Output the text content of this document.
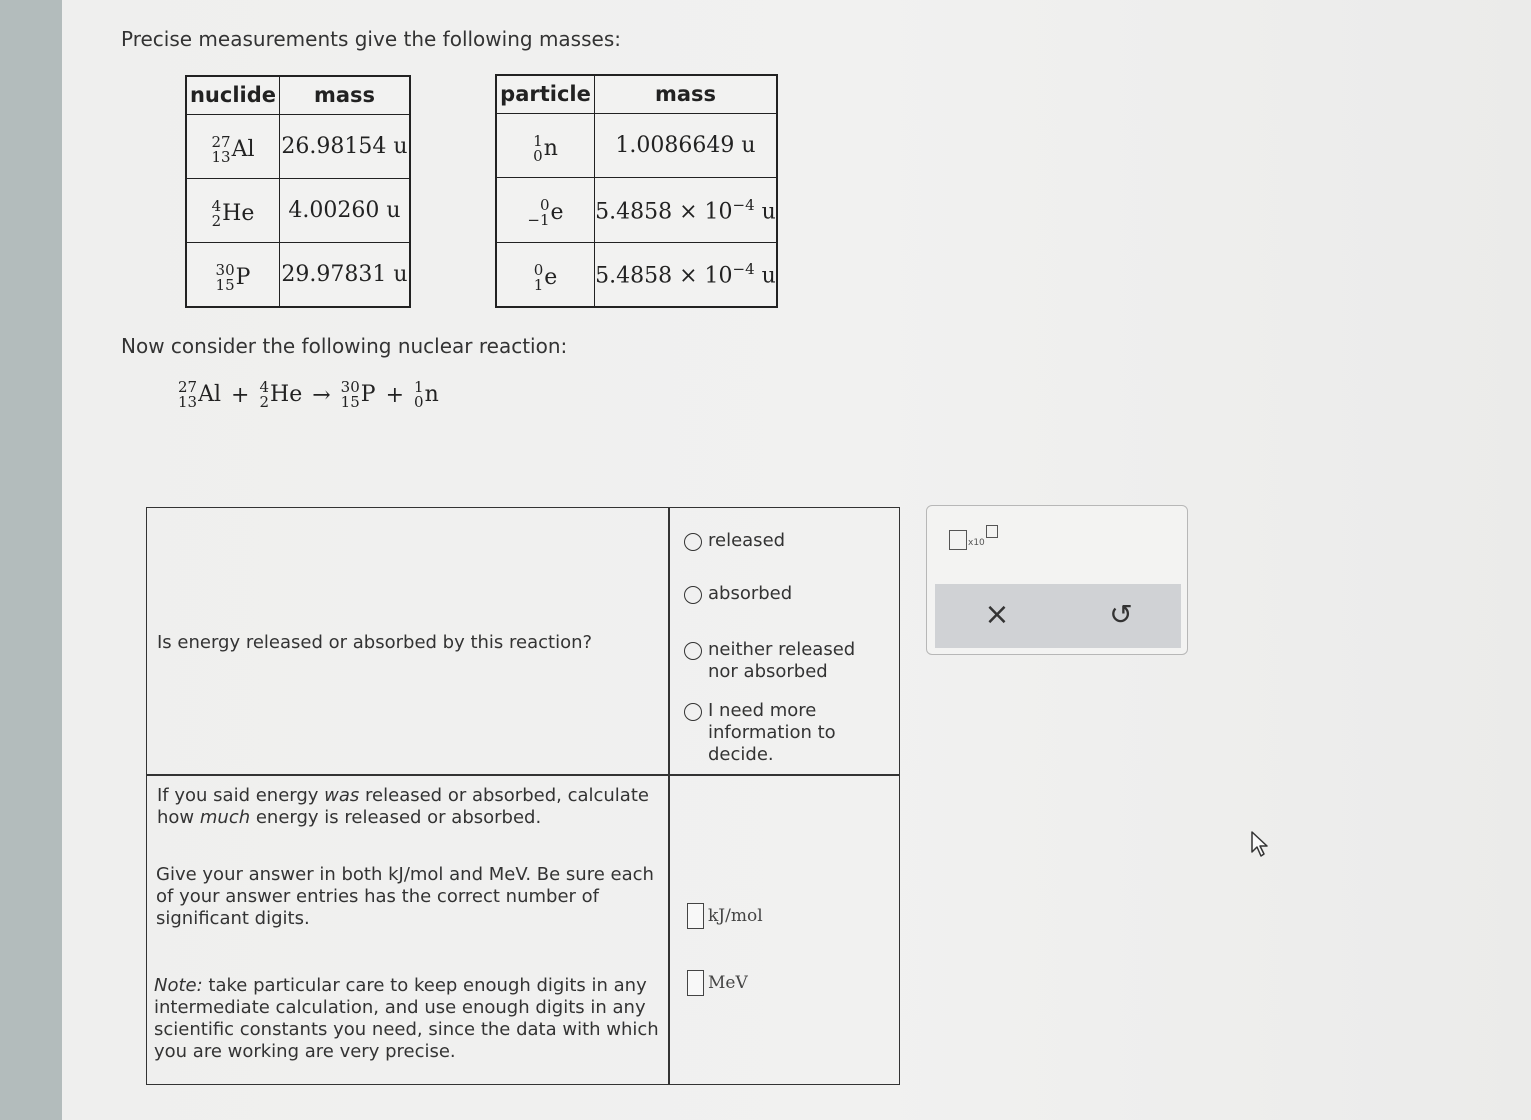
Precise measurements give the following masses:
nuclide	mass

27
13 Al	26.98154 u

4
2 He	4.00260 u

30
15 P	29.97831 u
particle	mass

1
0 n	1.0086649 u

0
−1 e	$5.4858 \times 10^{-4}$ u

0
1 e	$5.4858 \times 10^{-4}$ u
Now consider the following nuclear reaction:
27
13 Al + 4
2 He → 30
15 P + 1
0 n
Is energy released or absorbed by this reaction?
released
absorbed
neither released
nor absorbed
I need more
information to
decide.
If you said energy was released or absorbed, calculate
how much energy is released or absorbed.
Give your answer in both kJ/mol and MeV. Be sure each
of your answer entries has the correct number of
significant digits.
Note: take particular care to keep enough digits in any
intermediate calculation, and use enough digits in any
scientific constants you need, since the data with which
you are working are very precise.
kJ/mol
MeV
x10
×	↺
